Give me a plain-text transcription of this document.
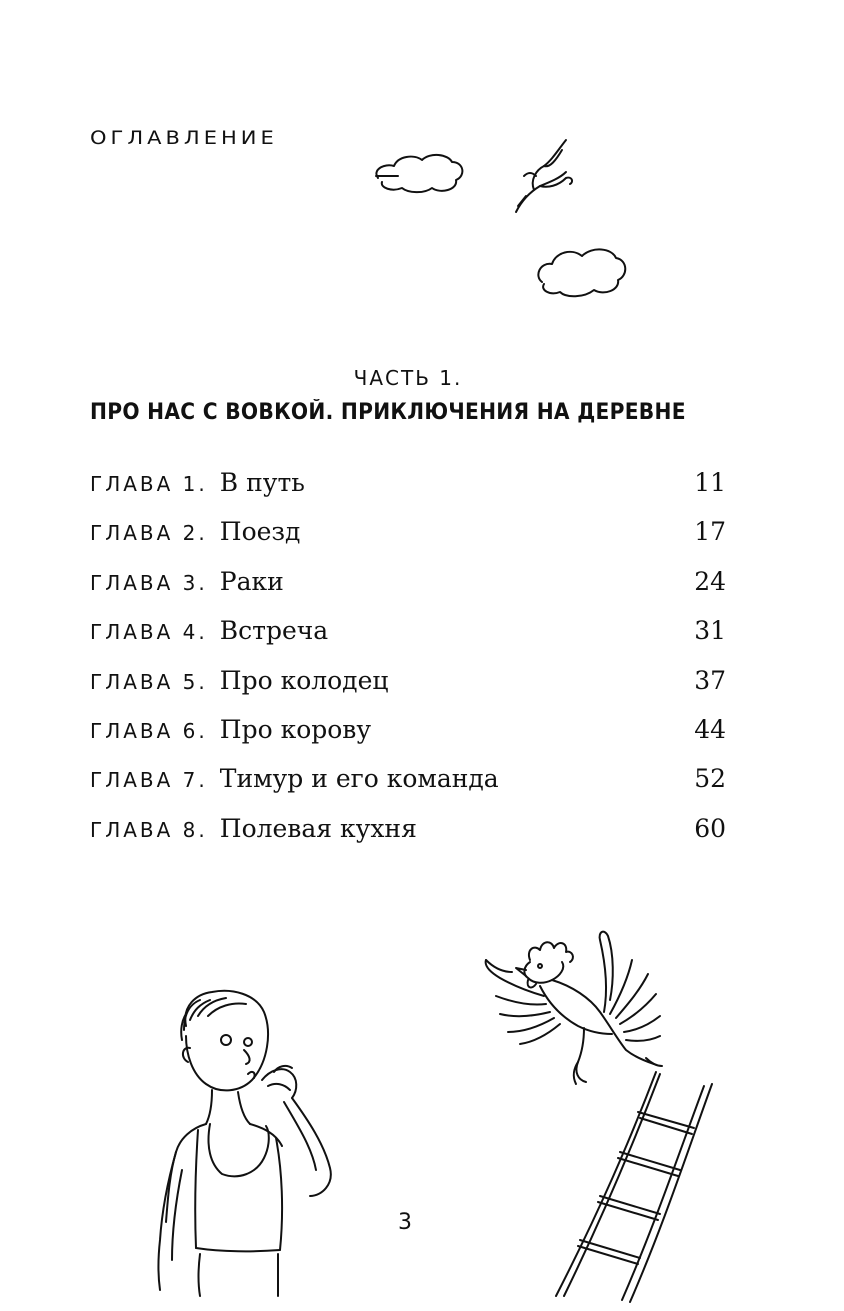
ОГЛАВЛЕНИЕ
ЧАСТЬ 1.
ПРО НАС С ВОВКОЙ. ПРИКЛЮЧЕНИЯ НА ДЕРЕВНЕ
ГЛАВА 1. В путь	11
ГЛАВА 2. Поезд	17
ГЛАВА 3. Раки	24
ГЛАВА 4. Встреча	31
ГЛАВА 5. Про колодец	37
ГЛАВА 6. Про корову	44
ГЛАВА 7. Тимур и его команда	52
ГЛАВА 8. Полевая кухня	60
3
